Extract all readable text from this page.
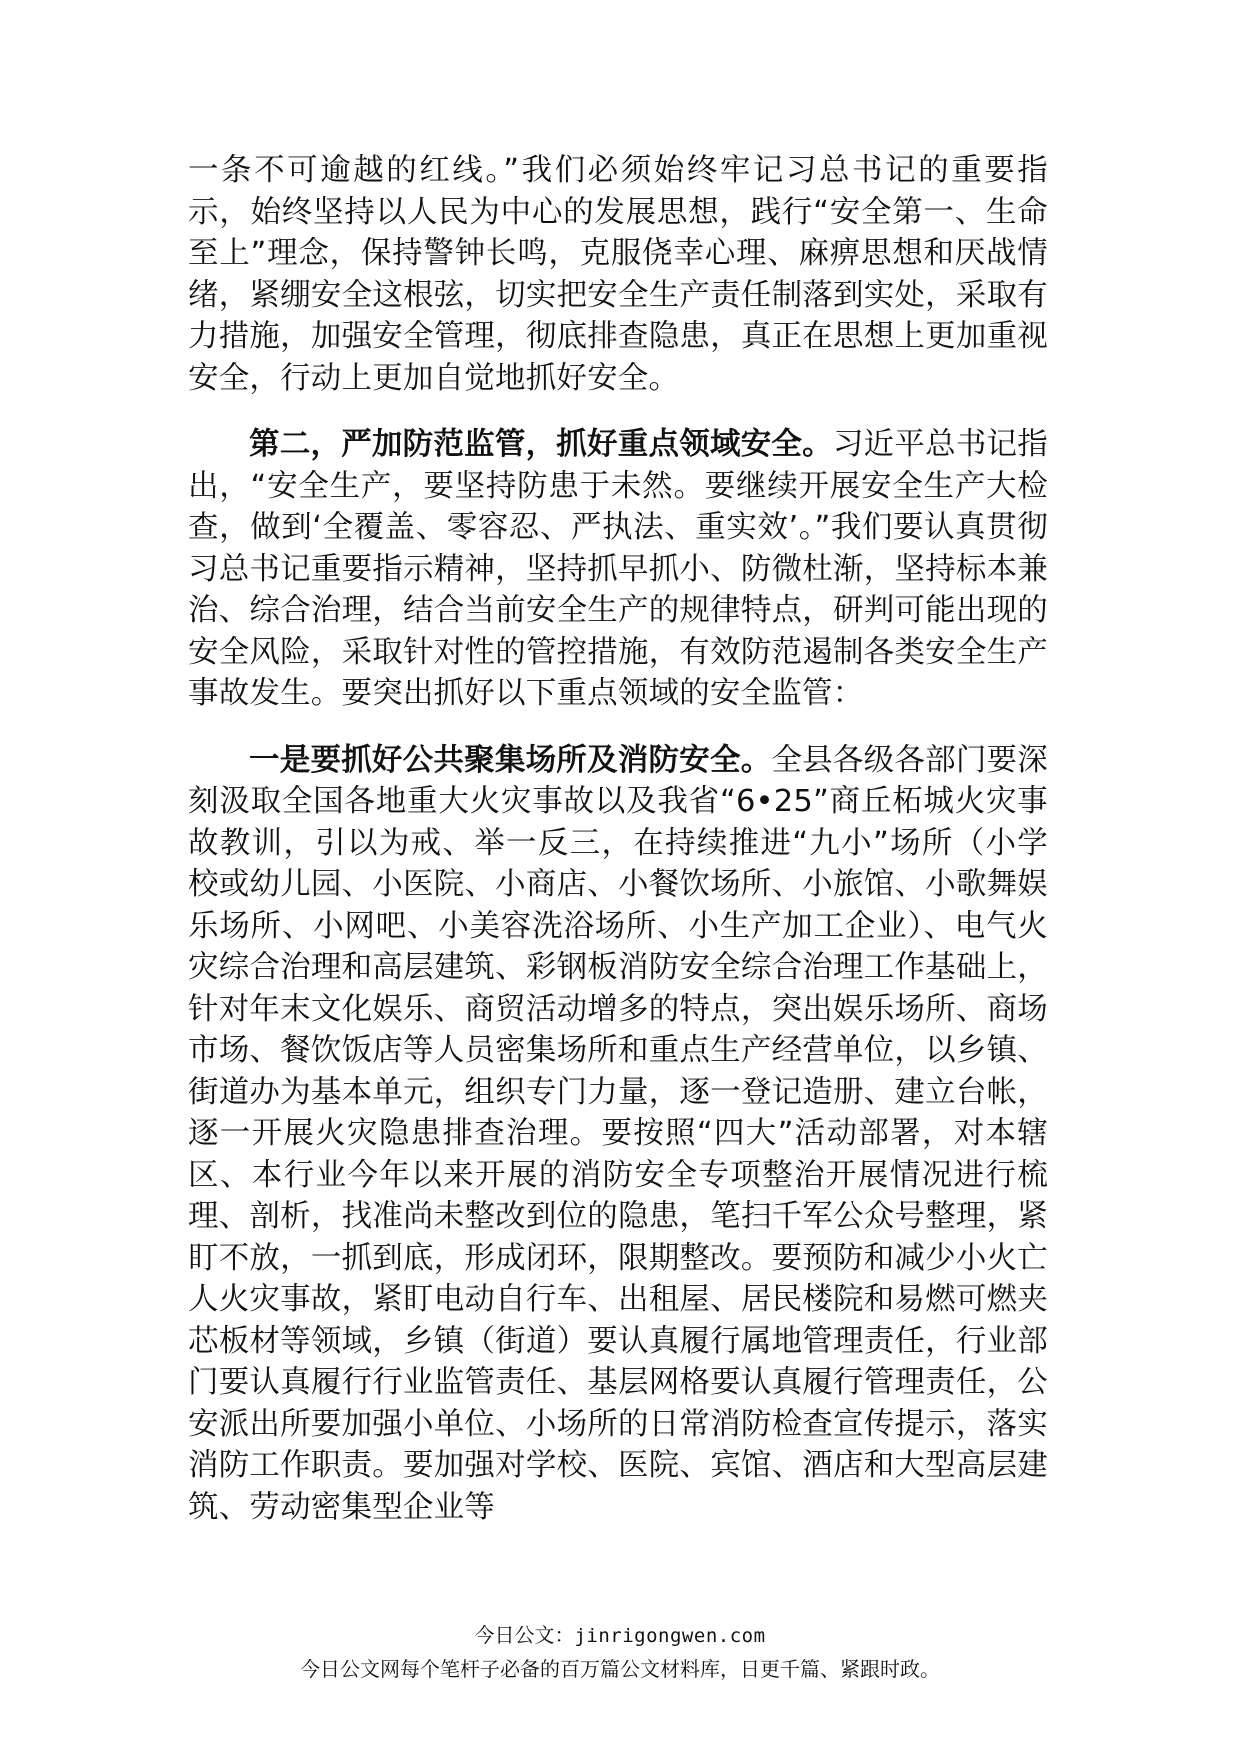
一条不可逾越的红线。”我们必须始终牢记习总书记的重要指示，始终坚持以人民为中心的发展思想，践行“安全第一、生命至上”理念，保持警钟长鸣，克服侥幸心理、麻痹思想和厌战情绪，紧绷安全这根弦，切实把安全生产责任制落到实处，采取有力措施，加强安全管理，彻底排查隐患，真正在思想上更加重视安全，行动上更加自觉地抓好安全。

第二，严加防范监管，抓好重点领域安全。习近平总书记指出，“安全生产，要坚持防患于未然。要继续开展安全生产大检查，做到‘全覆盖、零容忍、严执法、重实效’。”我们要认真贯彻习总书记重要指示精神，坚持抓早抓小、防微杜渐，坚持标本兼治、综合治理，结合当前安全生产的规律特点，研判可能出现的安全风险，采取针对性的管控措施，有效防范遏制各类安全生产事故发生。要突出抓好以下重点领域的安全监管：

一是要抓好公共聚集场所及消防安全。全县各级各部门要深刻汲取全国各地重大火灾事故以及我省“6•25”商丘柘城火灾事故教训，引以为戒、举一反三，在持续推进“九小”场所（小学校或幼儿园、小医院、小商店、小餐饮场所、小旅馆、小歌舞娱乐场所、小网吧、小美容洗浴场所、小生产加工企业）、电气火灾综合治理和高层建筑、彩钢板消防安全综合治理工作基础上，针对年末文化娱乐、商贸活动增多的特点，突出娱乐场所、商场市场、餐饮饭店等人员密集场所和重点生产经营单位，以乡镇、街道办为基本单元，组织专门力量，逐一登记造册、建立台帐，逐一开展火灾隐患排查治理。要按照“四大”活动部署，对本辖区、本行业今年以来开展的消防安全专项整治开展情况进行梳理、剖析，找准尚未整改到位的隐患，笔扫千军公众号整理，紧盯不放，一抓到底，形成闭环，限期整改。要预防和减少小火亡人火灾事故，紧盯电动自行车、出租屋、居民楼院和易燃可燃夹芯板材等领域，乡镇（街道）要认真履行属地管理责任，行业部门要认真履行行业监管责任、基层网格要认真履行管理责任，公安派出所要加强小单位、小场所的日常消防检查宣传提示，落实消防工作职责。要加强对学校、医院、宾馆、酒店和大型高层建筑、劳动密集型企业等

今日公文：jinrigongwen.com
今日公文网每个笔杆子必备的百万篇公文材料库，日更千篇、紧跟时政。
